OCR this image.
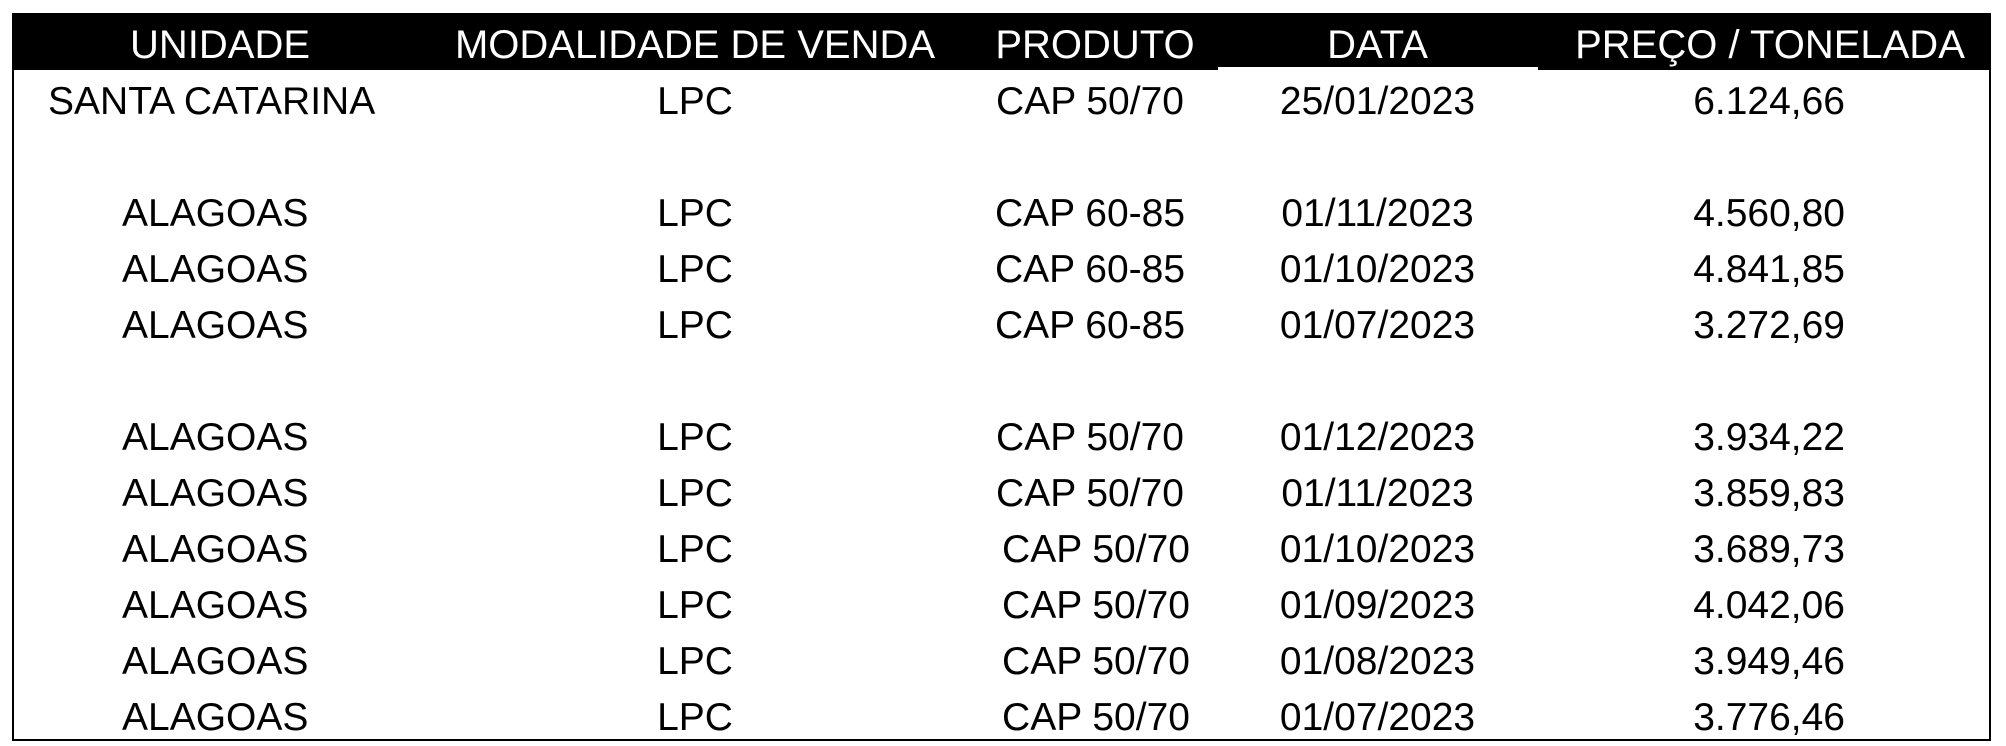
UNIDADE	MODALIDADE DE VENDA	PRODUTO	DATA	PREÇO / TONELADA
SANTA CATARINA	LPC	CAP 50/70	25/01/2023	6.124,66
ALAGOAS	LPC	CAP 60-85	01/11/2023	4.560,80
ALAGOAS	LPC	CAP 60-85	01/10/2023	4.841,85
ALAGOAS	LPC	CAP 60-85	01/07/2023	3.272,69
ALAGOAS	LPC	CAP 50/70	01/12/2023	3.934,22
ALAGOAS	LPC	CAP 50/70	01/11/2023	3.859,83
ALAGOAS	LPC	CAP 50/70	01/10/2023	3.689,73
ALAGOAS	LPC	CAP 50/70	01/09/2023	4.042,06
ALAGOAS	LPC	CAP 50/70	01/08/2023	3.949,46
ALAGOAS	LPC	CAP 50/70	01/07/2023	3.776,46
